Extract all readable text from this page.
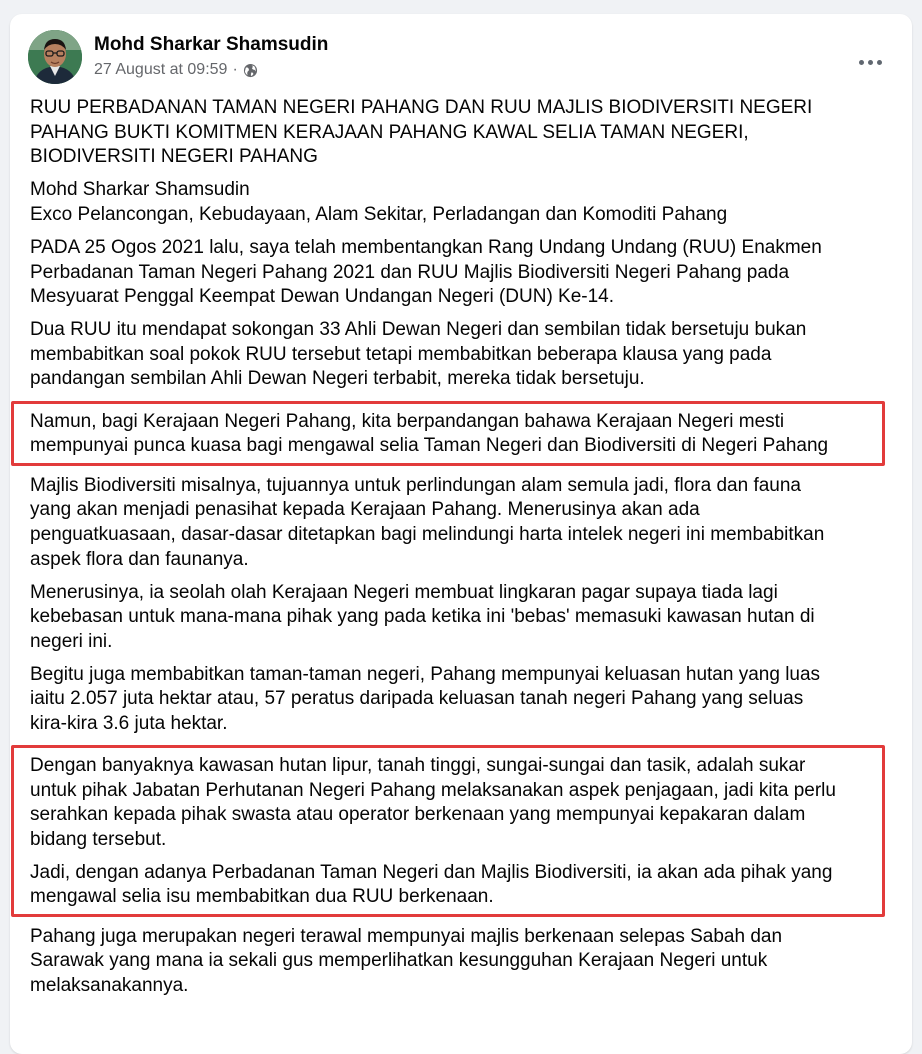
Mohd Sharkar Shamsudin
27 August at 09:59 ·

RUU PERBADANAN TAMAN NEGERI PAHANG DAN RUU MAJLIS BIODIVERSITI NEGERI
PAHANG BUKTI KOMITMEN KERAJAAN PAHANG KAWAL SELIA TAMAN NEGERI,
BIODIVERSITI NEGERI PAHANG

Mohd Sharkar Shamsudin
Exco Pelancongan, Kebudayaan, Alam Sekitar, Perladangan dan Komoditi Pahang

PADA 25 Ogos 2021 lalu, saya telah membentangkan Rang Undang Undang (RUU) Enakmen
Perbadanan Taman Negeri Pahang 2021 dan RUU Majlis Biodiversiti Negeri Pahang pada
Mesyuarat Penggal Keempat Dewan Undangan Negeri (DUN) Ke-14.

Dua RUU itu mendapat sokongan 33 Ahli Dewan Negeri dan sembilan tidak bersetuju bukan
membabitkan soal pokok RUU tersebut tetapi membabitkan beberapa klausa yang pada
pandangan sembilan Ahli Dewan Negeri terbabit, mereka tidak bersetuju.

Namun, bagi Kerajaan Negeri Pahang, kita berpandangan bahawa Kerajaan Negeri mesti
mempunyai punca kuasa bagi mengawal selia Taman Negeri dan Biodiversiti di Negeri Pahang

Majlis Biodiversiti misalnya, tujuannya untuk perlindungan alam semula jadi, flora dan fauna
yang akan menjadi penasihat kepada Kerajaan Pahang. Menerusinya akan ada
penguatkuasaan, dasar-dasar ditetapkan bagi melindungi harta intelek negeri ini membabitkan
aspek flora dan faunanya.

Menerusinya, ia seolah olah Kerajaan Negeri membuat lingkaran pagar supaya tiada lagi
kebebasan untuk mana-mana pihak yang pada ketika ini 'bebas' memasuki kawasan hutan di
negeri ini.

Begitu juga membabitkan taman-taman negeri, Pahang mempunyai keluasan hutan yang luas
iaitu 2.057 juta hektar atau, 57 peratus daripada keluasan tanah negeri Pahang yang seluas
kira-kira 3.6 juta hektar.

Dengan banyaknya kawasan hutan lipur, tanah tinggi, sungai-sungai dan tasik, adalah sukar
untuk pihak Jabatan Perhutanan Negeri Pahang melaksanakan aspek penjagaan, jadi kita perlu
serahkan kepada pihak swasta atau operator berkenaan yang mempunyai kepakaran dalam
bidang tersebut.

Jadi, dengan adanya Perbadanan Taman Negeri dan Majlis Biodiversiti, ia akan ada pihak yang
mengawal selia isu membabitkan dua RUU berkenaan.

Pahang juga merupakan negeri terawal mempunyai majlis berkenaan selepas Sabah dan
Sarawak yang mana ia sekali gus memperlihatkan kesungguhan Kerajaan Negeri untuk
melaksanakannya.
